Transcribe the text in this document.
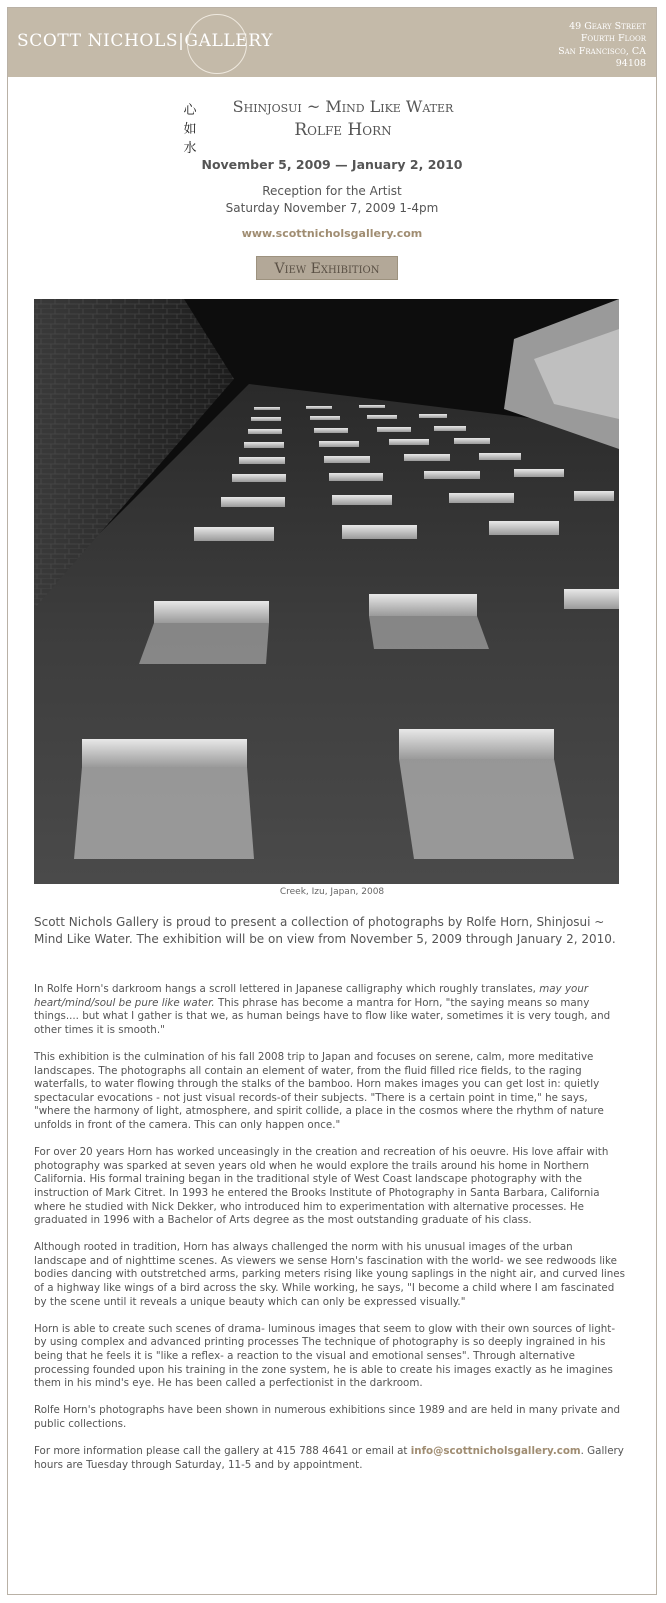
SCOTT NICHOLS|GALLERY
49 Geary Street
Fourth Floor
San Francisco, CA
94108
心
如
水
Shinjosui ~ Mind Like Water
Rolfe Horn
November 5, 2009 — January 2, 2010
Reception for the Artist
Saturday November 7, 2009 1-4pm
www.scottnicholsgallery.com
View Exhibition
Creek, Izu, Japan, 2008
Scott Nichols Gallery is proud to present a collection of photographs by Rolfe Horn, Shinjosui ~ Mind Like Water. The exhibition will be on view from November 5, 2009 through January 2, 2010.

In Rolfe Horn's darkroom hangs a scroll lettered in Japanese calligraphy which roughly translates, may your heart/mind/soul be pure like water. This phrase has become a mantra for Horn, "the saying means so many things.... but what I gather is that we, as human beings have to flow like water, sometimes it is very tough, and other times it is smooth."

This exhibition is the culmination of his fall 2008 trip to Japan and focuses on serene, calm, more meditative landscapes. The photographs all contain an element of water, from the fluid filled rice fields, to the raging waterfalls, to water flowing through the stalks of the bamboo. Horn makes images you can get lost in: quietly spectacular evocations - not just visual records-of their subjects. "There is a certain point in time," he says, "where the harmony of light, atmosphere, and spirit collide, a place in the cosmos where the rhythm of nature unfolds in front of the camera. This can only happen once."

For over 20 years Horn has worked unceasingly in the creation and recreation of his oeuvre. His love affair with photography was sparked at seven years old when he would explore the trails around his home in Northern California. His formal training began in the traditional style of West Coast landscape photography with the instruction of Mark Citret. In 1993 he entered the Brooks Institute of Photography in Santa Barbara, California where he studied with Nick Dekker, who introduced him to experimentation with alternative processes. He graduated in 1996 with a Bachelor of Arts degree as the most outstanding graduate of his class.

Although rooted in tradition, Horn has always challenged the norm with his unusual images of the urban landscape and of nighttime scenes. As viewers we sense Horn's fascination with the world- we see redwoods like bodies dancing with outstretched arms, parking meters rising like young saplings in the night air, and curved lines of a highway like wings of a bird across the sky. While working, he says, "I become a child where I am fascinated by the scene until it reveals a unique beauty which can only be expressed visually."

Horn is able to create such scenes of drama- luminous images that seem to glow with their own sources of light- by using complex and advanced printing processes The technique of photography is so deeply ingrained in his being that he feels it is "like a reflex- a reaction to the visual and emotional senses". Through alternative processing founded upon his training in the zone system, he is able to create his images exactly as he imagines them in his mind's eye. He has been called a perfectionist in the darkroom.

Rolfe Horn's photographs have been shown in numerous exhibitions since 1989 and are held in many private and public collections.

For more information please call the gallery at 415 788 4641 or email at info@scottnicholsgallery.com. Gallery hours are Tuesday through Saturday, 11-5 and by appointment.
